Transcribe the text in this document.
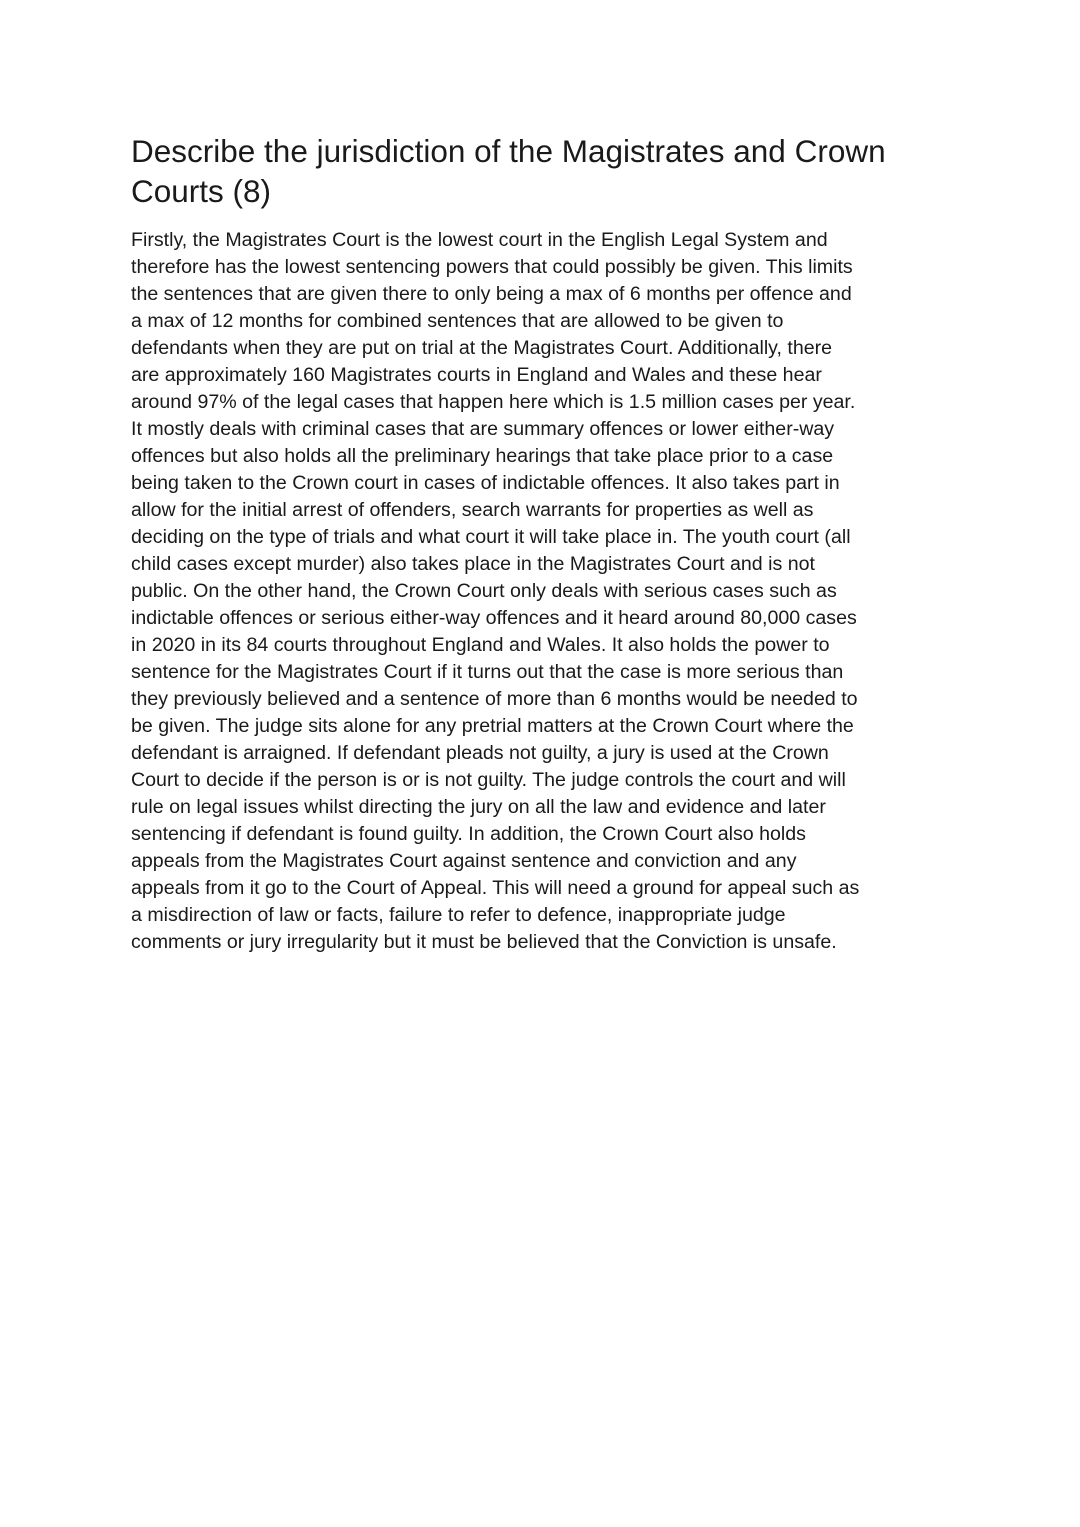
Describe the jurisdiction of the Magistrates and Crown Courts (8)

Firstly, the Magistrates Court is the lowest court in the English Legal System and
therefore has the lowest sentencing powers that could possibly be given. This limits
the sentences that are given there to only being a max of 6 months per offence and
a max of 12 months for combined sentences that are allowed to be given to
defendants when they are put on trial at the Magistrates Court. Additionally, there
are approximately 160 Magistrates courts in England and Wales and these hear
around 97% of the legal cases that happen here which is 1.5 million cases per year.
It mostly deals with criminal cases that are summary offences or lower either-way
offences but also holds all the preliminary hearings that take place prior to a case
being taken to the Crown court in cases of indictable offences. It also takes part in
allow for the initial arrest of offenders, search warrants for properties as well as
deciding on the type of trials and what court it will take place in. The youth court (all
child cases except murder) also takes place in the Magistrates Court and is not
public. On the other hand, the Crown Court only deals with serious cases such as
indictable offences or serious either-way offences and it heard around 80,000 cases
in 2020 in its 84 courts throughout England and Wales. It also holds the power to
sentence for the Magistrates Court if it turns out that the case is more serious than
they previously believed and a sentence of more than 6 months would be needed to
be given. The judge sits alone for any pretrial matters at the Crown Court where the
defendant is arraigned. If defendant pleads not guilty, a jury is used at the Crown
Court to decide if the person is or is not guilty. The judge controls the court and will
rule on legal issues whilst directing the jury on all the law and evidence and later
sentencing if defendant is found guilty. In addition, the Crown Court also holds
appeals from the Magistrates Court against sentence and conviction and any
appeals from it go to the Court of Appeal. This will need a ground for appeal such as
a misdirection of law or facts, failure to refer to defence, inappropriate judge
comments or jury irregularity but it must be believed that the Conviction is unsafe.
